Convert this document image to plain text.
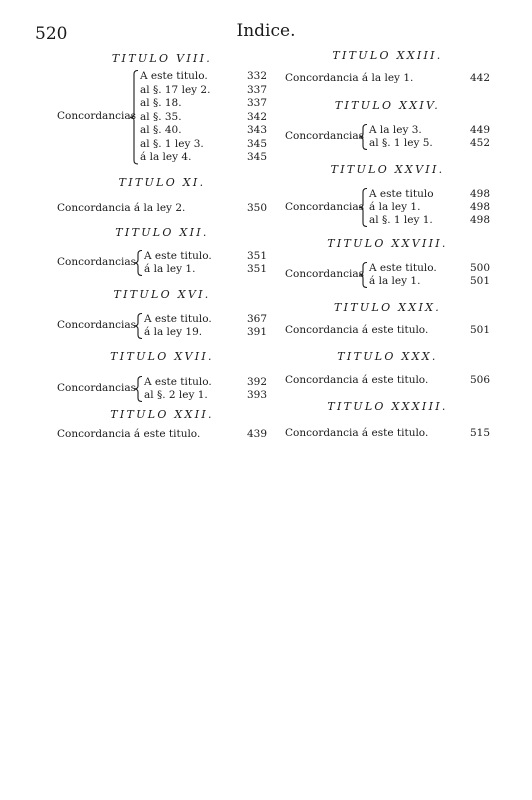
520	Indice.
TITULO VIII.
Concordancias
A este titulo.	332
al §. 17 ley 2.	337
al §. 18.	337
al §. 35.	342
al §. 40.	343
al §. 1 ley 3.	345
á la ley 4.	345
TITULO XI.
Concordancia á la ley 2.	350
TITULO XII.
Concordancias A este titulo.	351
á la ley 1.	351
TITULO XVI.
Concordancias A este titulo.	367
á la ley 19.	391
TITULO XVII.
Concordancias A este titulo.	392
al §. 2 ley 1.	393
TITULO XXII.
Concordancia á este titulo.	439
TITULO XXIII.
Concordancia á la ley 1.	442
TITULO XXIV.
Concordancias A la ley 3.	449
al §. 1 ley 5.	452
TITULO XXVII.
Concordancias
A este titulo	498
á la ley 1.	498
al §. 1 ley 1.	498
TITULO XXVIII.
Concordancias A este titulo.	500
á la ley 1.	501
TITULO XXIX.
Concordancia á este titulo.	501
TITULO XXX.
Concordancia á este titulo.	506
TITULO XXXIII.
Concordancia á este titulo.	515
